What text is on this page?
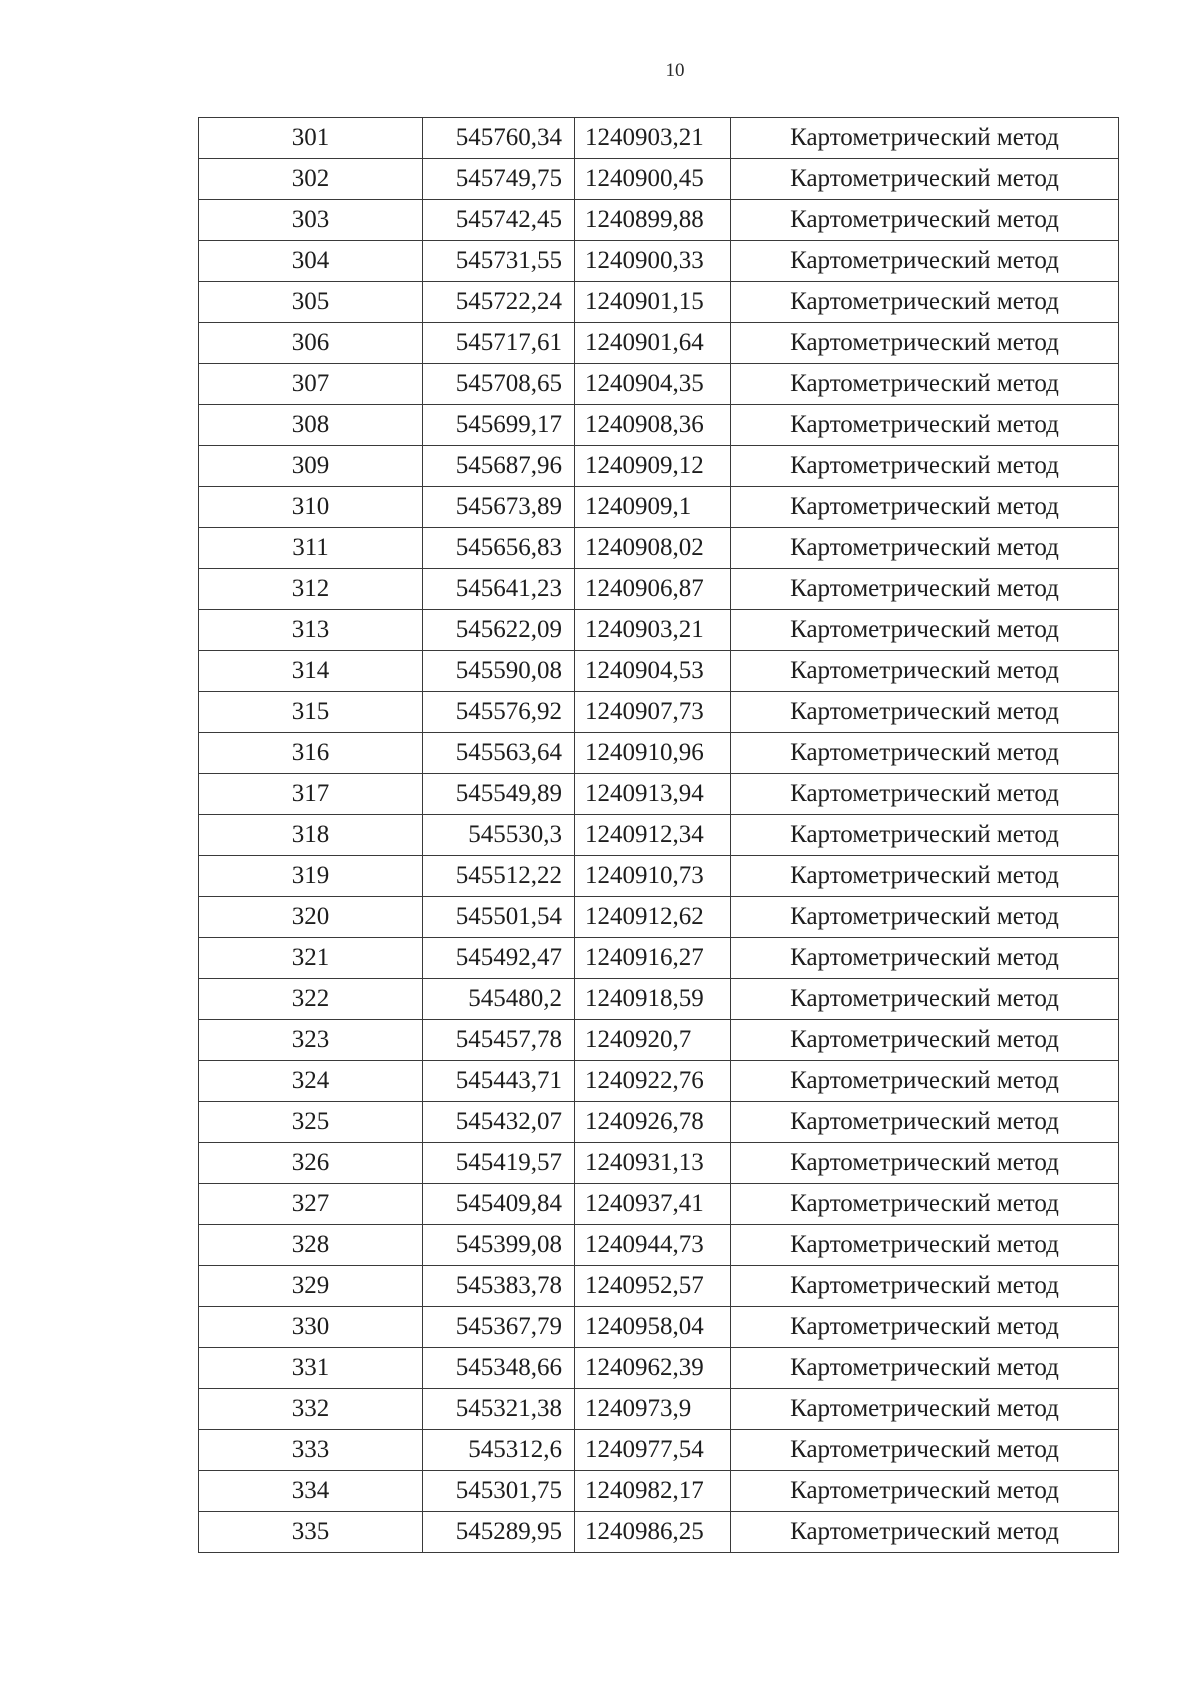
10
301	545760,34	1240903,21	Картометрический метод
302	545749,75	1240900,45	Картометрический метод
303	545742,45	1240899,88	Картометрический метод
304	545731,55	1240900,33	Картометрический метод
305	545722,24	1240901,15	Картометрический метод
306	545717,61	1240901,64	Картометрический метод
307	545708,65	1240904,35	Картометрический метод
308	545699,17	1240908,36	Картометрический метод
309	545687,96	1240909,12	Картометрический метод
310	545673,89	1240909,1	Картометрический метод
311	545656,83	1240908,02	Картометрический метод
312	545641,23	1240906,87	Картометрический метод
313	545622,09	1240903,21	Картометрический метод
314	545590,08	1240904,53	Картометрический метод
315	545576,92	1240907,73	Картометрический метод
316	545563,64	1240910,96	Картометрический метод
317	545549,89	1240913,94	Картометрический метод
318	545530,3	1240912,34	Картометрический метод
319	545512,22	1240910,73	Картометрический метод
320	545501,54	1240912,62	Картометрический метод
321	545492,47	1240916,27	Картометрический метод
322	545480,2	1240918,59	Картометрический метод
323	545457,78	1240920,7	Картометрический метод
324	545443,71	1240922,76	Картометрический метод
325	545432,07	1240926,78	Картометрический метод
326	545419,57	1240931,13	Картометрический метод
327	545409,84	1240937,41	Картометрический метод
328	545399,08	1240944,73	Картометрический метод
329	545383,78	1240952,57	Картометрический метод
330	545367,79	1240958,04	Картометрический метод
331	545348,66	1240962,39	Картометрический метод
332	545321,38	1240973,9	Картометрический метод
333	545312,6	1240977,54	Картометрический метод
334	545301,75	1240982,17	Картометрический метод
335	545289,95	1240986,25	Картометрический метод
